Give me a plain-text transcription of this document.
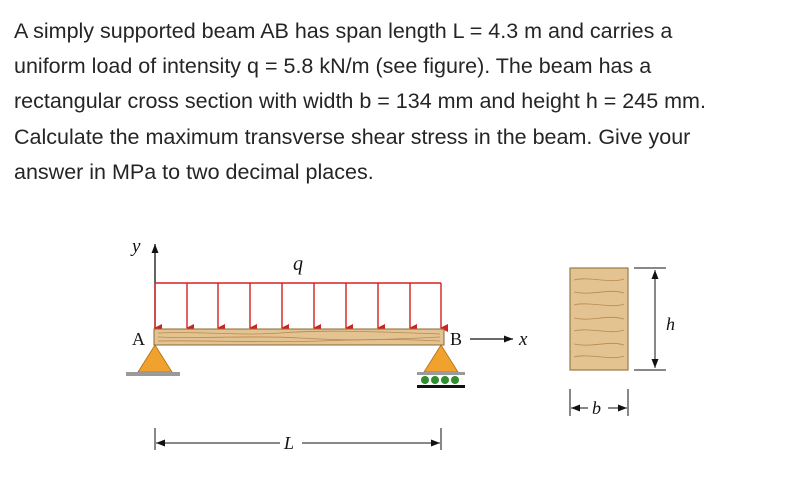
A simply supported beam AB has span length L = 4.3 m and carries a
uniform load of intensity q = 5.8 kN/m (see figure). The beam has a
rectangular cross section with width b = 134 mm and height h = 245 mm.
Calculate the maximum transverse shear stress in the beam. Give your
answer in MPa to two decimal places.
y
q
A	B	x
L
h
b
